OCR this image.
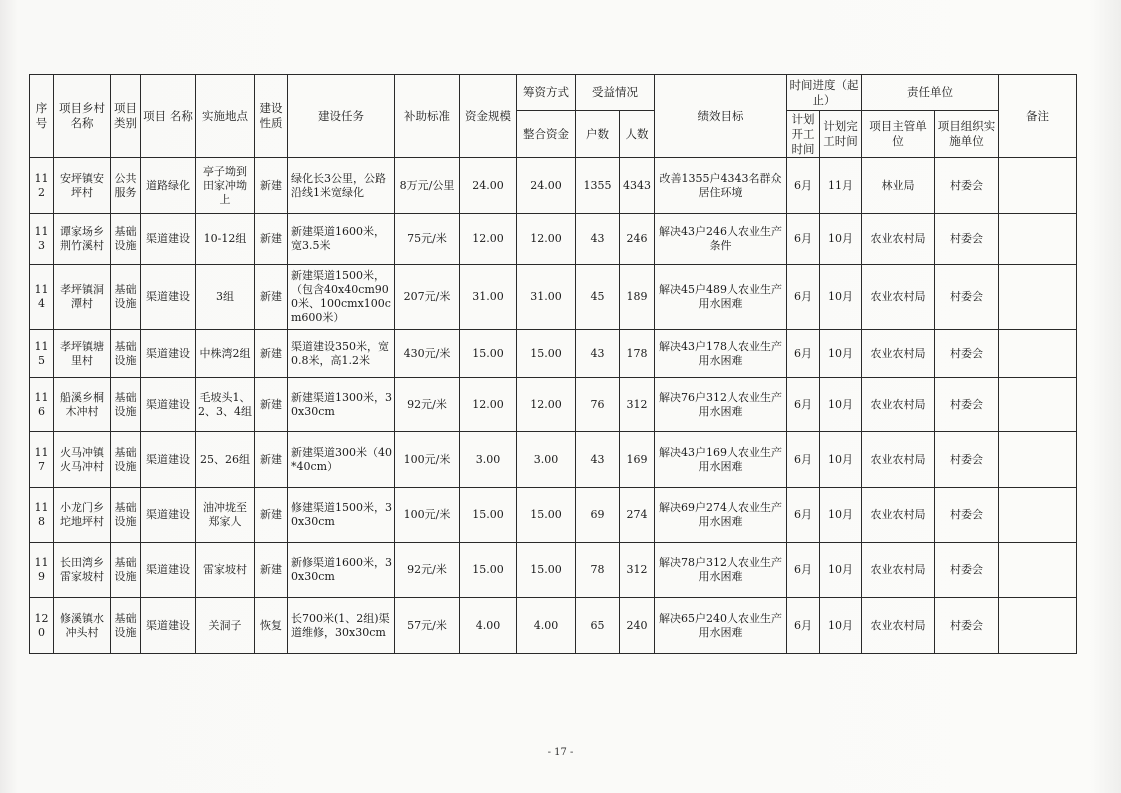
序号	项目乡村名称	项目类别	项目 名称	实施地点	建设性质	建设任务	补助标准	资金规模	筹资方式	受益情况		绩效目标	时间进度（起止）		责任单位		备注
									整合资金	户数	人数		计划开工时间	计划完工时间	项目主管单位	项目组织实施单位	
112	安坪镇安坪村	公共服务	道路绿化	亭子坳到田家冲坳上	新建	绿化长3公里，公路沿线1米宽绿化	8万元/公里	24.00	24.00	1355	4343	改善1355户4343名群众居住环境	6月	11月	林业局	村委会	
113	谭家场乡荆竹溪村	基础设施	渠道建设	10-12组	新建	新建渠道1600米，宽3.5米	75元/米	12.00	12.00	43	246	解决43户246人农业生产条件	6月	10月	农业农村局	村委会	
114	孝坪镇洞潭村	基础设施	渠道建设	3组	新建	新建渠道1500米，（包含40x40cm900米、100cmx100cm600米）	207元/米	31.00	31.00	45	189	解决45户489人农业生产用水困难	6月	10月	农业农村局	村委会	
115	孝坪镇塘里村	基础设施	渠道建设	中株湾2组	新建	渠道建设350米，宽0.8米，高1.2米	430元/米	15.00	15.00	43	178	解决43户178人农业生产用水困难	6月	10月	农业农村局	村委会	
116	船溪乡桐木冲村	基础设施	渠道建设	毛坡头1、2、3、4组	新建	新建渠道1300米，30x30cm	92元/米	12.00	12.00	76	312	解决76户312人农业生产用水困难	6月	10月	农业农村局	村委会	
117	火马冲镇火马冲村	基础设施	渠道建设	25、26组	新建	新建渠道300米（40*40cm）	100元/米	3.00	3.00	43	169	解决43户169人农业生产用水困难	6月	10月	农业农村局	村委会	
118	小龙门乡坨地坪村	基础设施	渠道建设	油冲垅至郑家人	新建	修建渠道1500米，30x30cm	100元/米	15.00	15.00	69	274	解决69户274人农业生产用水困难	6月	10月	农业农村局	村委会	
119	长田湾乡雷家坡村	基础设施	渠道建设	雷家坡村	新建	新修渠道1600米，30x30cm	92元/米	15.00	15.00	78	312	解决78户312人农业生产用水困难	6月	10月	农业农村局	村委会	
120	修溪镇水冲头村	基础设施	渠道建设	关洞子	恢复	长700米(1、2组)渠道维修，30x30cm	57元/米	4.00	4.00	65	240	解决65户240人农业生产用水困难	6月	10月	农业农村局	村委会	
- 17 -
